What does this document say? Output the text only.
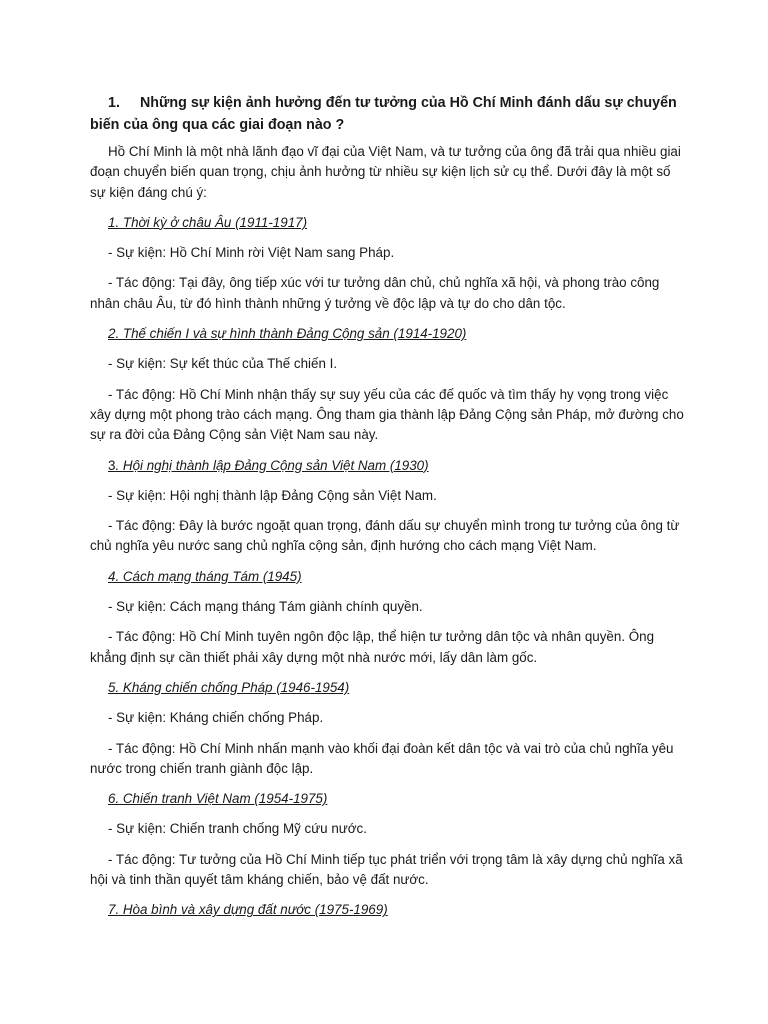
1. Những sự kiện ảnh hưởng đến tư tưởng của Hồ Chí Minh đánh dấu sự chuyển biến của ông qua các giai đoạn nào ?

Hồ Chí Minh là một nhà lãnh đạo vĩ đại của Việt Nam, và tư tưởng của ông đã trải qua nhiều giai đoạn chuyển biến quan trọng, chịu ảnh hưởng từ nhiều sự kiện lịch sử cụ thể. Dưới đây là một số sự kiện đáng chú ý:

1. Thời kỳ ở châu Âu (1911-1917)

- Sự kiện: Hồ Chí Minh rời Việt Nam sang Pháp.

- Tác động: Tại đây, ông tiếp xúc với tư tưởng dân chủ, chủ nghĩa xã hội, và phong trào công nhân châu Âu, từ đó hình thành những ý tưởng về độc lập và tự do cho dân tộc.

2. Thế chiến I và sự hình thành Đảng Cộng sản (1914-1920)

- Sự kiện: Sự kết thúc của Thế chiến I.

- Tác động: Hồ Chí Minh nhận thấy sự suy yếu của các đế quốc và tìm thấy hy vọng trong việc xây dựng một phong trào cách mạng. Ông tham gia thành lập Đảng Cộng sản Pháp, mở đường cho sự ra đời của Đảng Cộng sản Việt Nam sau này.

3. Hội nghị thành lập Đảng Cộng sản Việt Nam (1930)

- Sự kiện: Hội nghị thành lập Đảng Cộng sản Việt Nam.

- Tác động: Đây là bước ngoặt quan trọng, đánh dấu sự chuyển mình trong tư tưởng của ông từ chủ nghĩa yêu nước sang chủ nghĩa cộng sản, định hướng cho cách mạng Việt Nam.

4. Cách mạng tháng Tám (1945)

- Sự kiện: Cách mạng tháng Tám giành chính quyền.

- Tác động: Hồ Chí Minh tuyên ngôn độc lập, thể hiện tư tưởng dân tộc và nhân quyền. Ông khẳng định sự cần thiết phải xây dựng một nhà nước mới, lấy dân làm gốc.

5. Kháng chiến chống Pháp (1946-1954)

- Sự kiện: Kháng chiến chống Pháp.

- Tác động: Hồ Chí Minh nhấn mạnh vào khối đại đoàn kết dân tộc và vai trò của chủ nghĩa yêu nước trong chiến tranh giành độc lập.

6. Chiến tranh Việt Nam (1954-1975)

- Sự kiện: Chiến tranh chống Mỹ cứu nước.

- Tác động: Tư tưởng của Hồ Chí Minh tiếp tục phát triển với trọng tâm là xây dựng chủ nghĩa xã hội và tinh thần quyết tâm kháng chiến, bảo vệ đất nước.

7. Hòa bình và xây dựng đất nước (1975-1969)
